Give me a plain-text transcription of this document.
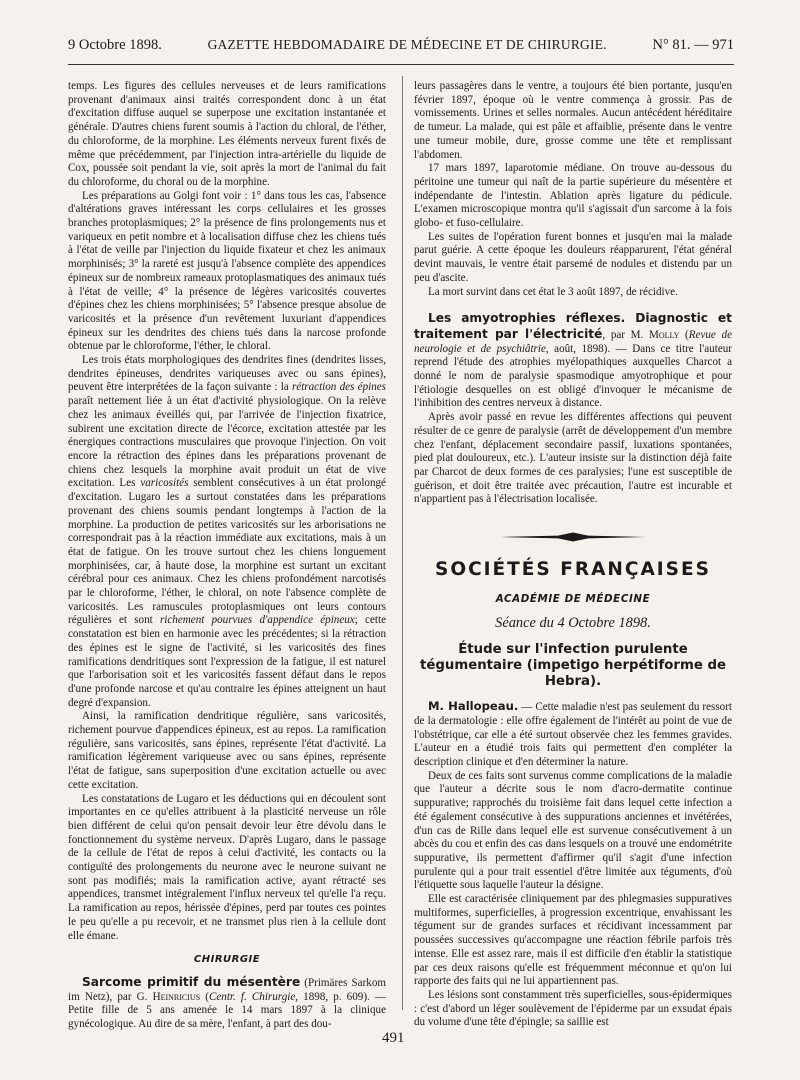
9 Octobre 1898.	GAZETTE HEBDOMADAIRE DE MÉDECINE ET DE CHIRURGIE.	N° 81. — 971

temps. Les figures des cellules nerveuses et de leurs ramifications provenant d'animaux ainsi traités correspondent donc à un état d'excitation diffuse auquel se superpose une excitation instantanée et générale. D'autres chiens furent soumis à l'action du chloral, de l'éther, du chloroforme, de la morphine. Les éléments nerveux furent fixés de même que précédemment, par l'injection intra-artérielle du liquide de Cox, poussée soit pendant la vie, soit après la mort de l'animal du fait du chloroforme, du choral ou de la morphine.

Les préparations au Golgi font voir : 1° dans tous les cas, l'absence d'altérations graves intéressant les corps cellulaires et les grosses branches protoplasmiques; 2° la présence de fins prolongements nus et variqueux en petit nombre et à localisation diffuse chez les chiens tués à l'état de veille par l'injection du liquide fixateur et chez les animaux morphinisés; 3° la rareté est jusqu'à l'absence complète des appendices épineux sur de nombreux rameaux protoplasmatiques des animaux tués à l'état de veille; 4° la présence de légères varicosités couvertes d'épines chez les chiens morphinisées; 5° l'absence presque absolue de varicosités et la présence d'un revêtement luxuriant d'appendices épineux sur les dendrites des chiens tués dans la narcose profonde obtenue par le chloroforme, l'éther, le chloral.

Les trois états morphologiques des dendrites fines (dendrites lisses, dendrites épineuses, dendrites variqueuses avec ou sans épines), peuvent être interprétées de la façon suivante : la rétraction des épines paraît nettement liée à un état d'activité physiologique. On la relève chez les animaux éveillés qui, par l'arrivée de l'injection fixatrice, subirent une excitation directe de l'écorce, excitation attestée par les énergiques contractions musculaires que provoque l'injection. On voit encore la rétraction des épines dans les préparations provenant de chiens chez lesquels la morphine avait produit un état de vive excitation. Les varicosités semblent consécutives à un état prolongé d'excitation. Lugaro les a surtout constatées dans les préparations provenant des chiens soumis pendant longtemps à l'action de la morphine. La production de petites varicosités sur les arborisations ne correspondrait pas à la réaction immédiate aux excitations, mais à un état de fatigue. On les trouve surtout chez les chiens longuement morphinisées, car, à haute dose, la morphine est surtant un excitant cérébral pour ces animaux. Chez les chiens profondément narcotisés par le chloroforme, l'éther, le chloral, on note l'absence complète de varicosités. Les ramuscules protoplasmiques ont leurs contours régulières et sont richement pourvues d'appendice épineux; cette constatation est bien en harmonie avec les précédentes; si la rétraction des épines est le signe de l'activité, si les varicosités des fines ramifications dendritiques sont l'expression de la fatigue, il est naturel que l'arborisation soit et les varicosités fassent défaut dans le repos d'une profonde narcose et qu'au contraire les épines atteignent un haut degré d'expansion.

Ainsi, la ramification dendritique régulière, sans varicosités, richement pourvue d'appendices épineux, est au repos. La ramification régulière, sans varicosités, sans épines, représente l'état d'activité. La ramification légèrement variqueuse avec ou sans épines, représente l'état de fatigue, sans superposition d'une excitation actuelle ou avec cette excitation.

Les constatations de Lugaro et les déductions qui en découlent sont importantes en ce qu'elles attribuent à la plasticité nerveuse un rôle bien différent de celui qu'on pensait devoir leur être dévolu dans le fonctionnement du système nerveux. D'après Lugaro, dans le passage de la cellule de l'état de repos à celui d'activité, les contacts ou la contiguïté des prolongements du neurone avec le neurone suivant ne sont pas modifiés; mais la ramification active, ayant rétracté ses appendices, transmet intégralement l'influx nerveux tel qu'elle l'a reçu. La ramification au repos, hérissée d'épines, perd par toutes ces pointes le peu qu'elle a pu recevoir, et ne transmet plus rien à la cellule dont elle émane.

CHIRURGIE

Sarcome primitif du mésentère (Primäres Sarkom im Netz), par G. Heinricius (Centr. f. Chirurgie, 1898, p. 609). — Petite fille de 5 ans amenée le 14 mars 1897 à la clinique gynécologique. Au dire de sa mère, l'enfant, à part des dou-

leurs passagères dans le ventre, a toujours été bien portante, jusqu'en février 1897, époque où le ventre commença à grossir. Pas de vomissements. Urines et selles normales. Aucun antécédent héréditaire de tumeur. La malade, qui est pâle et affaiblie, présente dans le ventre une tumeur mobile, dure, grosse comme une tête et remplissant l'abdomen.

17 mars 1897, laparotomie médiane. On trouve au-dessous du péritoine une tumeur qui naît de la partie supérieure du mésentère et indépendante de l'intestin. Ablation après ligature du pédicule. L'examen microscopique montra qu'il s'agissait d'un sarcome à la fois globo- et fuso-cellulaire.

Les suites de l'opération furent bonnes et jusqu'en mai la malade parut guérie. A cette époque les douleurs réapparurent, l'état général devint mauvais, le ventre était parsemé de nodules et distendu par un peu d'ascite.

La mort survint dans cet état le 3 août 1897, de récidive.

Les amyotrophies réflexes. Diagnostic et traitement par l'électricité, par M. Molly (Revue de neurologie et de psychiâtrie, août, 1898). — Dans ce titre l'auteur reprend l'étude des atrophies myélopathiques auxquelles Charcot a donné le nom de paralysie spasmodique amyotrophique et pour l'étiologie desquelles on est obligé d'invoquer le mécanisme de l'inhibition des centres nerveux à distance.

Après avoir passé en revue les différentes affections qui peuvent résulter de ce genre de paralysie (arrêt de développement d'un membre chez l'enfant, déplacement secondaire passif, luxations spontanées, pied plat douloureux, etc.). L'auteur insiste sur la distinction déjà faite par Charcot de deux formes de ces paralysies; l'une est susceptible de guérison, et doit être traitée avec précaution, l'autre est incurable et n'appartient pas à l'électrisation localisée.

SOCIÉTÉS FRANÇAISES
ACADÉMIE DE MÉDECINE
Séance du 4 Octobre 1898.
Étude sur l'infection purulente tégumentaire (impetigo herpétiforme de Hebra).

M. Hallopeau. — Cette maladie n'est pas seulement du ressort de la dermatologie : elle offre également de l'intérêt au point de vue de l'obstétrique, car elle a été surtout observée chez les femmes gravides. L'auteur en a étudié trois faits qui permettent d'en compléter la description clinique et d'en déterminer la nature.

Deux de ces faits sont survenus comme complications de la maladie que l'auteur a décrite sous le nom d'acro-dermatite continue suppurative; rapprochés du troisième fait dans lequel cette infection a été également consécutive à des suppurations anciennes et invétérées, d'un cas de Rille dans lequel elle est survenue consécutivement à un abcès du cou et enfin des cas dans lesquels on a trouvé une endométrite suppurative, ils permettent d'affirmer qu'il s'agit d'une infection purulente qui a pour trait essentiel d'être limitée aux téguments, d'où l'étiquette sous laquelle l'auteur la désigne.

Elle est caractérisée cliniquement par des phlegmasies suppuratives multiformes, superficielles, à progression excentrique, envahissant les tégument sur de grandes surfaces et récidivant incessamment par poussées successives qu'accompagne une réaction fébrile parfois très intense. Elle est assez rare, mais il est difficile d'en établir la statistique par ces deux raisons qu'elle est fréquemment méconnue et qu'on lui rapporte des faits qui ne lui appartiennent pas.

Les lésions sont constamment très superficielles, sous-épidermiques : c'est d'abord un léger soulèvement de l'épiderme par un exsudat épais du volume d'une tête d'épingle; sa saillie est

491
